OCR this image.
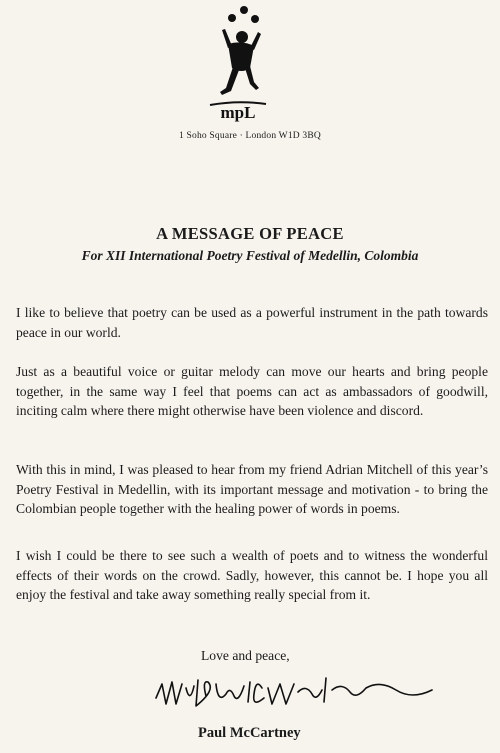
mpL
1 Soho Square · London W1D 3BQ
A MESSAGE OF PEACE
For XII International Poetry Festival of Medellin, Colombia
I like to believe that poetry can be used as a powerful instrument in the path towards peace in our world.
Just as a beautiful voice or guitar melody can move our hearts and bring people together, in the same way I feel that poems can act as ambassadors of goodwill, inciting calm where there might otherwise have been violence and discord.
With this in mind, I was pleased to hear from my friend Adrian Mitchell of this year’s Poetry Festival in Medellin, with its important message and motivation - to bring the Colombian people together with the healing power of words in poems.
I wish I could be there to see such a wealth of poets and to witness the wonderful effects of their words on the crowd. Sadly, however, this cannot be. I hope you all enjoy the festival and take away something really special from it.
Love and peace,
Paul McCartney
